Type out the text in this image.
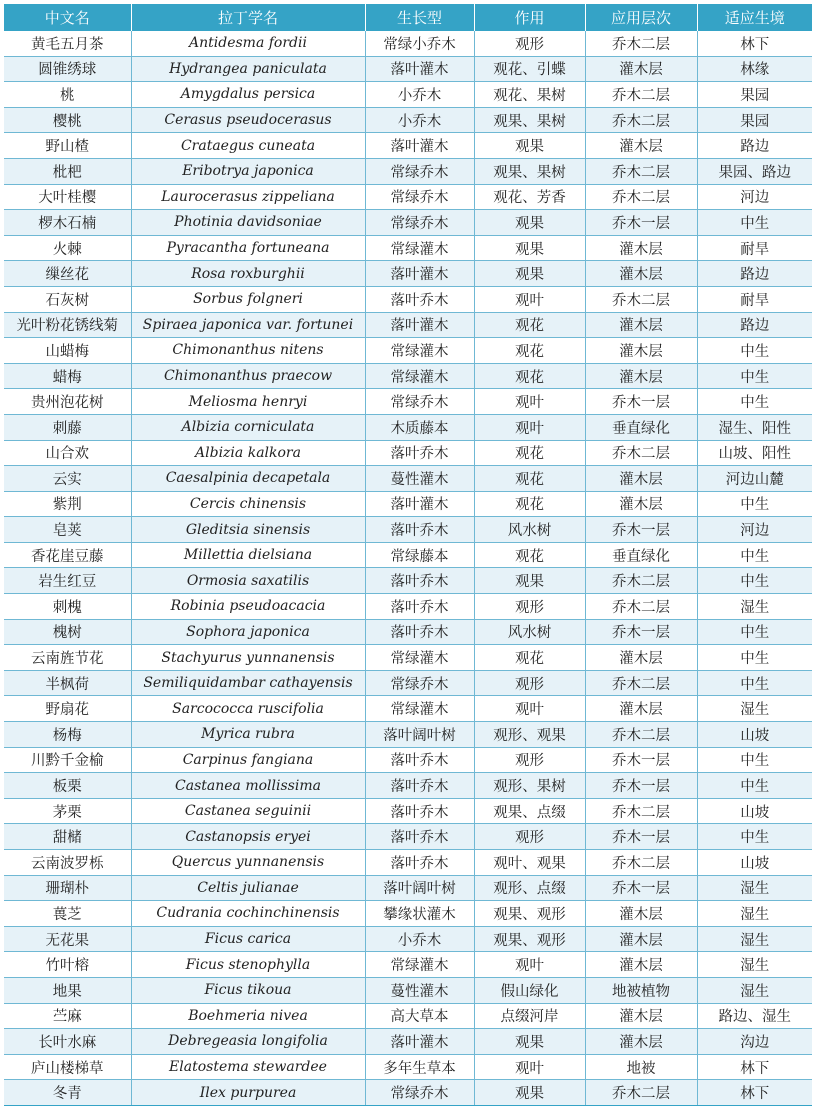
中文名	拉丁学名	生长型	作用	应用层次	适应生境
黄毛五月茶	Antidesma fordii	常绿小乔木	观形	乔木二层	林下
圆锥绣球	Hydrangea paniculata	落叶灌木	观花、引蝶	灌木层	林缘
桃	Amygdalus persica	小乔木	观花、果树	乔木二层	果园
樱桃	Cerasus pseudocerasus	小乔木	观果、果树	乔木二层	果园
野山楂	Crataegus cuneata	落叶灌木	观果	灌木层	路边
枇杷	Eribotrya japonica	常绿乔木	观果、果树	乔木二层	果园、路边
大叶桂樱	Laurocerasus zippeliana	常绿乔木	观花、芳香	乔木二层	河边
椤木石楠	Photinia davidsoniae	常绿乔木	观果	乔木一层	中生
火棘	Pyracantha fortuneana	常绿灌木	观果	灌木层	耐旱
缫丝花	Rosa roxburghii	落叶灌木	观果	灌木层	路边
石灰树	Sorbus folgneri	落叶乔木	观叶	乔木二层	耐旱
光叶粉花锈线菊	Spiraea japonica var. fortunei	落叶灌木	观花	灌木层	路边
山蜡梅	Chimonanthus nitens	常绿灌木	观花	灌木层	中生
蜡梅	Chimonanthus praecow	常绿灌木	观花	灌木层	中生
贵州泡花树	Meliosma henryi	常绿乔木	观叶	乔木一层	中生
刺藤	Albizia corniculata	木质藤本	观叶	垂直绿化	湿生、阳性
山合欢	Albizia kalkora	落叶乔木	观花	乔木二层	山坡、阳性
云实	Caesalpinia decapetala	蔓性灌木	观花	灌木层	河边山麓
紫荆	Cercis chinensis	落叶灌木	观花	灌木层	中生
皂荚	Gleditsia sinensis	落叶乔木	风水树	乔木一层	河边
香花崖豆藤	Millettia dielsiana	常绿藤本	观花	垂直绿化	中生
岩生红豆	Ormosia saxatilis	落叶乔木	观果	乔木二层	中生
刺槐	Robinia pseudoacacia	落叶乔木	观形	乔木二层	湿生
槐树	Sophora japonica	落叶乔木	风水树	乔木一层	中生
云南旌节花	Stachyurus yunnanensis	常绿灌木	观花	灌木层	中生
半枫荷	Semiliquidambar cathayensis	常绿乔木	观形	乔木二层	中生
野扇花	Sarcococca ruscifolia	常绿灌木	观叶	灌木层	湿生
杨梅	Myrica rubra	落叶阔叶树	观形、观果	乔木二层	山坡
川黔千金榆	Carpinus fangiana	落叶乔木	观形	乔木一层	中生
板栗	Castanea mollissima	落叶乔木	观形、果树	乔木一层	中生
茅栗	Castanea seguinii	落叶乔木	观果、点缀	乔木二层	山坡
甜槠	Castanopsis eryei	落叶乔木	观形	乔木一层	中生
云南波罗栎	Quercus yunnanensis	落叶乔木	观叶、观果	乔木二层	山坡
珊瑚朴	Celtis julianae	落叶阔叶树	观形、点缀	乔木一层	湿生
葨芝	Cudrania cochinchinensis	攀缘状灌木	观果、观形	灌木层	湿生
无花果	Ficus carica	小乔木	观果、观形	灌木层	湿生
竹叶榕	Ficus stenophylla	常绿灌木	观叶	灌木层	湿生
地果	Ficus tikoua	蔓性灌木	假山绿化	地被植物	湿生
苎麻	Boehmeria nivea	高大草本	点缀河岸	灌木层	路边、湿生
长叶水麻	Debregeasia longifolia	落叶灌木	观果	灌木层	沟边
庐山楼梯草	Elatostema stewardee	多年生草本	观叶	地被	林下
冬青	Ilex purpurea	常绿乔木	观果	乔木二层	林下
